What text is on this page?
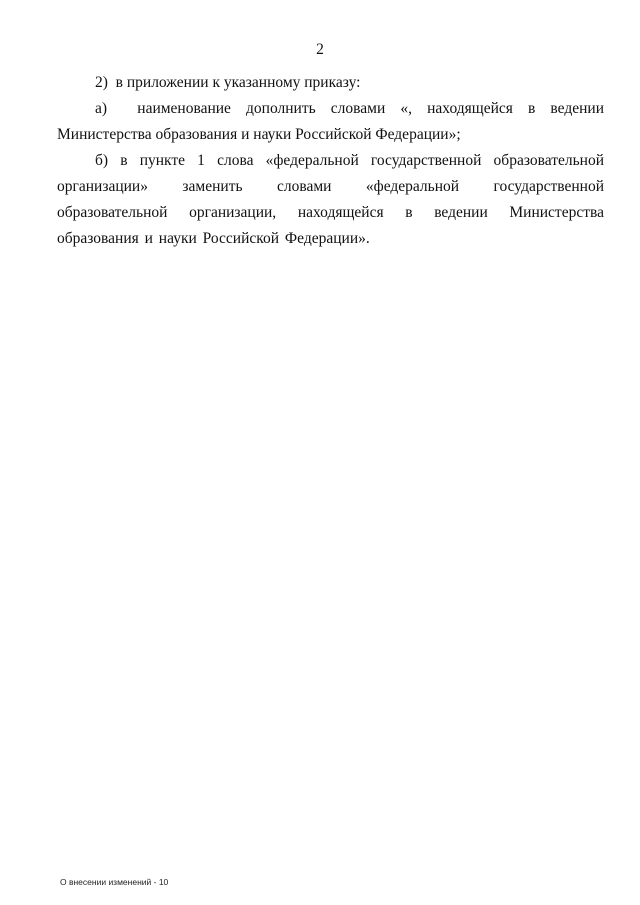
2

2)  в приложении к указанному приказу:

а)  наименование дополнить словами «, находящейся в ведении Министерства образования и науки Российской Федерации»;

б) в пункте 1 слова «федеральной государственной образовательной организации» заменить словами «федеральной государственной образовательной организации, находящейся в ведении Министерства образования и науки Российской Федерации».

О внесении изменений - 10
